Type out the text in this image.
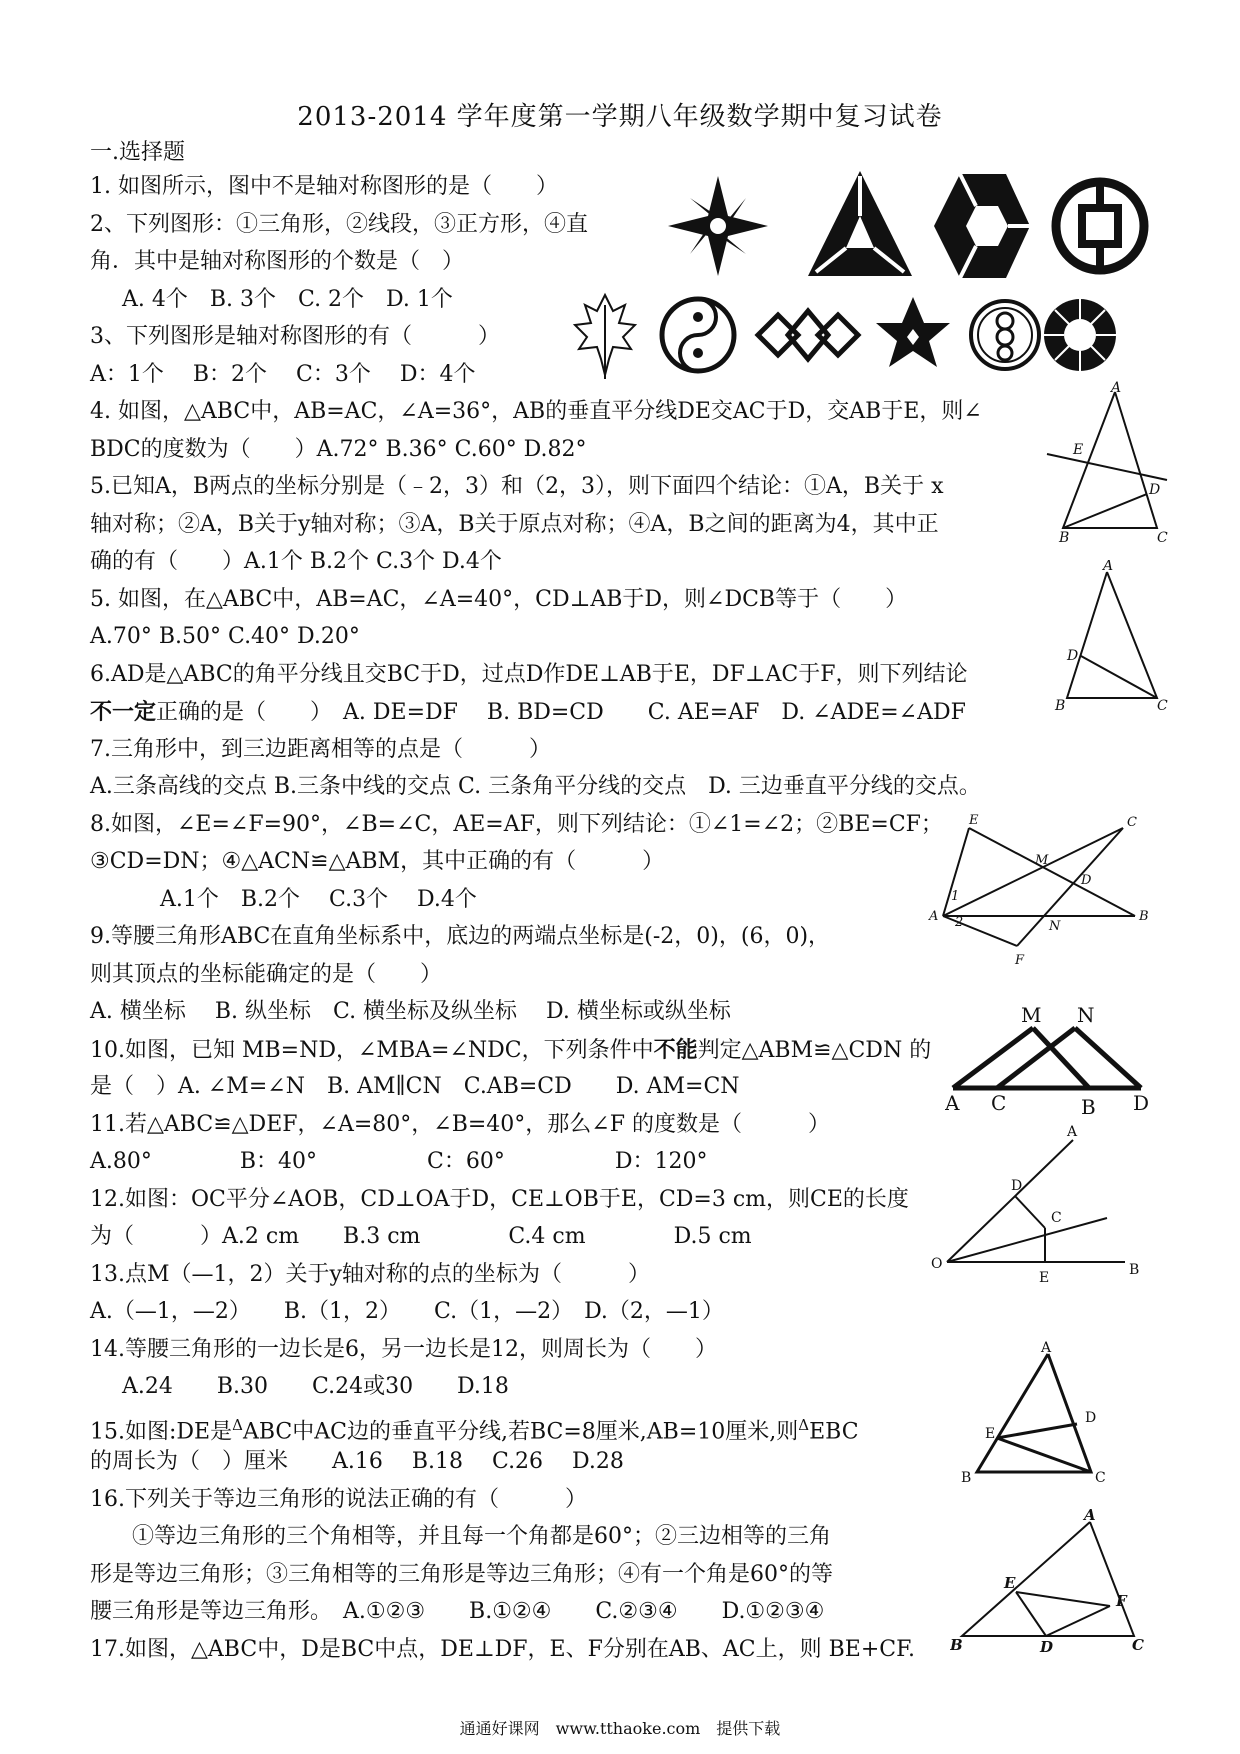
2013-2014 学年度第一学期八年级数学期中复习试卷
一.选择题
1. 如图所示，图中不是轴对称图形的是（　　）
2、下列图形：①三角形，②线段，③正方形，④直
角．其中是轴对称图形的个数是（　）
A. 4个　B. 3个　C. 2个　D. 1个
3、下列图形是轴对称图形的有（　　　）
A：1个　 B：2个　 C：3个　 D：4个
4. 如图，△ABC中，AB=AC，∠A=36°，AB的垂直平分线DE交AC于D，交AB于E，则∠
BDC的度数为（　　）A.72° B.36° C.60° D.82°
5.已知A，B两点的坐标分别是（﹣2，3）和（2，3），则下面四个结论：①A，B关于 x
轴对称；②A，B关于y轴对称；③A，B关于原点对称；④A，B之间的距离为4，其中正
确的有（　　）A.1个 B.2个 C.3个 D.4个
5. 如图，在△ABC中，AB=AC，∠A=40°，CD⊥AB于D，则∠DCB等于（　　）
A.70° B.50° C.40° D.20°
6.AD是△ABC的角平分线且交BC于D，过点D作DE⊥AB于E，DF⊥AC于F，则下列结论
不一定正确的是（　　）　A. DE=DF　 B. BD=CD　　C. AE=AF　D. ∠ADE=∠ADF
7.三角形中，到三边距离相等的点是（　　　）
A.三条高线的交点 B.三条中线的交点 C. 三条角平分线的交点　D. 三边垂直平分线的交点。
8.如图，∠E=∠F=90°，∠B=∠C，AE=AF，则下列结论：①∠1=∠2；②BE=CF；
③CD=DN；④△ACN≌△ABM，其中正确的有（　　　）
A.1个　B.2个　 C.3个　 D.4个
9.等腰三角形ABC在直角坐标系中，底边的两端点坐标是(-2，0)，(6，0)，
则其顶点的坐标能确定的是（　　）
A. 横坐标　 B. 纵坐标　C. 横坐标及纵坐标　 D. 横坐标或纵坐标
10.如图，已知 MB=ND，∠MBA=∠NDC，下列条件中不能判定△ABM≌△CDN 的
是（　）A. ∠M=∠N　B. AM∥CN　C.AB=CD　　D. AM=CN
11.若△ABC≌△DEF，∠A=80°，∠B=40°，那么∠F 的度数是（　　　）
A.80°　　　　B：40°　　　　　C：60°　　　　　D：120°
12.如图：OC平分∠AOB，CD⊥OA于D，CE⊥OB于E，CD=3 cm，则CE的长度
为（　　　）A.2 cm　　B.3 cm　　　　C.4 cm　　　　D.5 cm
13.点M（—1，2）关于y轴对称的点的坐标为（　　　）
A.（—1，—2）　　B.（1，2）　　C.（1，—2）　D.（2，—1）
14.等腰三角形的一边长是6，另一边长是12，则周长为（　　）
A.24　　B.30　　C.24或30　　D.18
15.如图:DE是$^\Delta$ABC中AC边的垂直平分线,若BC=8厘米,AB=10厘米,则$^\Delta$EBC
的周长为（　）厘米　　A.16　 B.18　 C.26　 D.28
16.下列关于等边三角形的说法正确的有（　　　）
①等边三角形的三个角相等，并且每一个角都是60°；②三边相等的三角
形是等边三角形；③三角相等的三角形是等边三角形；④有一个角是60°的等
腰三角形是等边三角形。　A.①②③　　B.①②④　　C.②③④　　D.①②③④
17.如图，△ABC中，D是BC中点，DE⊥DF，E、F分别在AB、AC上，则 BE+CF.
通通好课网　www.tthaoke.com　提供下载
A
E
D
B	C
A
D
B	C
E	C
M
D
1
2
A
N
B
F
M N
A C	B D
A
D
C
O
E	B
A
D
E
B	C
A
E
F
B	D	C
